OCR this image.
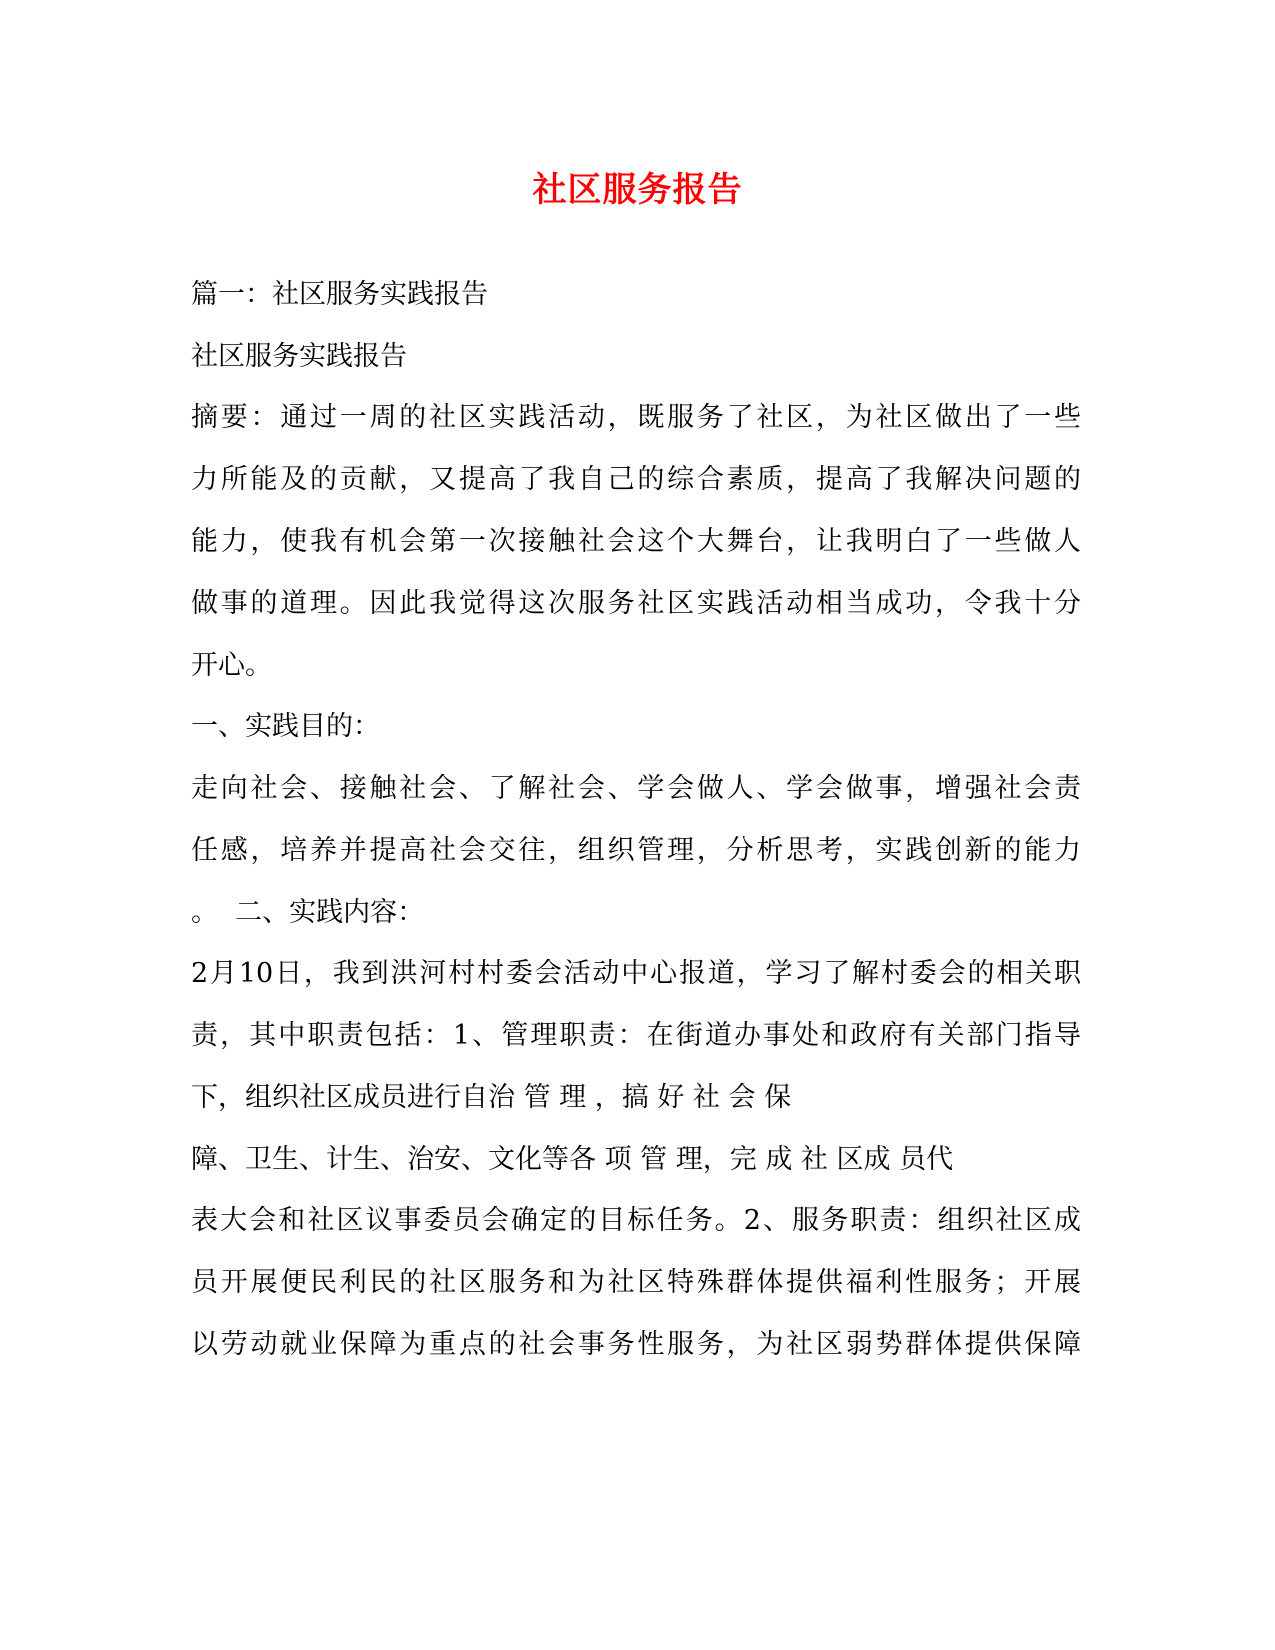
社区服务报告
篇一：社区服务实践报告
社区服务实践报告
摘要：通过一周的社区实践活动，既服务了社区，为社区做出了一些
力所能及的贡献，又提高了我自己的综合素质，提高了我解决问题的
能力，使我有机会第一次接触社会这个大舞台，让我明白了一些做人
做事的道理。因此我觉得这次服务社区实践活动相当成功，令我十分
开心。
一、实践目的：
走向社会、接触社会、了解社会、学会做人、学会做事，增强社会责
任感，培养并提高社会交往，组织管理，分析思考，实践创新的能力
。  二、实践内容：
2月10日，我到洪河村村委会活动中心报道，学习了解村委会的相关职
责，其中职责包括：1、管理职责：在街道办事处和政府有关部门指导
下，组织社区成员进行自治 管 理 ，搞 好 社 会 保
障、卫生、计生、治安、文化等各 项 管 理，完 成 社 区成 员代
表大会和社区议事委员会确定的目标任务。2、服务职责：组织社区成
员开展便民利民的社区服务和为社区特殊群体提供福利性服务；开展
以劳动就业保障为重点的社会事务性服务，为社区弱势群体提供保障
